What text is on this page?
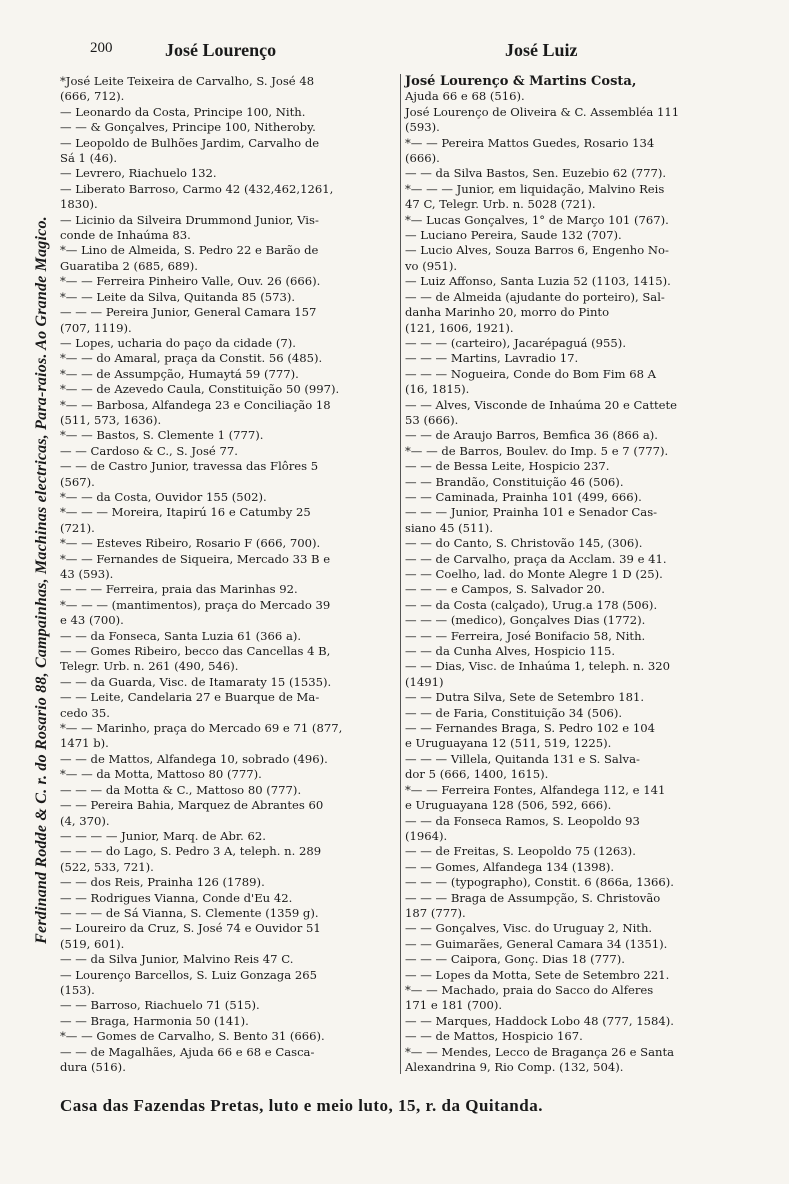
Ferdinand Rodde & C. r. do Rosario 88, Campainhas, Machinas electricas, Para-raios. Ao Grande Magico.
200	José Lourenço	José Luiz
*José Leite Teixeira de Carvalho, S. José 48
(666, 712).
— Leonardo da Costa, Principe 100, Nith.
— — & Gonçalves, Principe 100, Nitheroby.
— Leopoldo de Bulhões Jardim, Carvalho de
Sá 1 (46).
— Levrero, Riachuelo 132.
— Liberato Barroso, Carmo 42 (432,462,1261,
1830).
— Licinio da Silveira Drummond Junior, Vis-
conde de Inhaúma 83.
*— Lino de Almeida, S. Pedro 22 e Barão de
Guaratiba 2 (685, 689).
*— — Ferreira Pinheiro Valle, Ouv. 26 (666).
*— — Leite da Silva, Quitanda 85 (573).
— — — Pereira Junior, General Camara 157
(707, 1119).
— Lopes, ucharia do paço da cidade (7).
*— — do Amaral, praça da Constit. 56 (485).
*— — de Assumpção, Humaytá 59 (777).
*— — de Azevedo Caula, Constituição 50 (997).
*— — Barbosa, Alfandega 23 e Conciliação 18
(511, 573, 1636).
*— — Bastos, S. Clemente 1 (777).
— — Cardoso & C., S. José 77.
— — de Castro Junior, travessa das Flôres 5
(567).
*— — da Costa, Ouvidor 155 (502).
*— — — Moreira, Itapirú 16 e Catumby 25
(721).
*— — Esteves Ribeiro, Rosario F (666, 700).
*— — Fernandes de Siqueira, Mercado 33 B e
43 (593).
— — — Ferreira, praia das Marinhas 92.
*— — — (mantimentos), praça do Mercado 39
e 43 (700).
— — da Fonseca, Santa Luzia 61 (366 a).
— — Gomes Ribeiro, becco das Cancellas 4 B,
Telegr. Urb. n. 261 (490, 546).
— — da Guarda, Visc. de Itamaraty 15 (1535).
— — Leite, Candelaria 27 e Buarque de Ma-
cedo 35.
*— — Marinho, praça do Mercado 69 e 71 (877,
1471 b).
— — de Mattos, Alfandega 10, sobrado (496).
*— — da Motta, Mattoso 80 (777).
— — — da Motta & C., Mattoso 80 (777).
— — Pereira Bahia, Marquez de Abrantes 60
(4, 370).
— — — — Junior, Marq. de Abr. 62.
— — — do Lago, S. Pedro 3 A, teleph. n. 289
(522, 533, 721).
— — dos Reis, Prainha 126 (1789).
— — Rodrigues Vianna, Conde d'Eu 42.
— — — de Sá Vianna, S. Clemente (1359 g).
— Loureiro da Cruz, S. José 74 e Ouvidor 51
(519, 601).
— — da Silva Junior, Malvino Reis 47 C.
— Lourenço Barcellos, S. Luiz Gonzaga 265
(153).
— — Barroso, Riachuelo 71 (515).
— — Braga, Harmonia 50 (141).
*— — Gomes de Carvalho, S. Bento 31 (666).
— — de Magalhães, Ajuda 66 e 68 e Casca-
dura (516).
José Lourenço & Martins Costa,
Ajuda 66 e 68 (516).
José Lourenço de Oliveira & C. Assembléa 111
(593).
*— — Pereira Mattos Guedes, Rosario 134
(666).
— — da Silva Bastos, Sen. Euzebio 62 (777).
*— — — Junior, em liquidação, Malvino Reis
47 C, Telegr. Urb. n. 5028 (721).
*— Lucas Gonçalves, 1° de Março 101 (767).
— Luciano Pereira, Saude 132 (707).
— Lucio Alves, Souza Barros 6, Engenho No-
vo (951).
— Luiz Affonso, Santa Luzia 52 (1103, 1415).
— — de Almeida (ajudante do porteiro), Sal-
danha Marinho 20, morro do Pinto
(121, 1606, 1921).
— — — (carteiro), Jacarépaguá (955).
— — — Martins, Lavradio 17.
— — — Nogueira, Conde do Bom Fim 68 A
(16, 1815).
— — Alves, Visconde de Inhaúma 20 e Cattete
53 (666).
— — de Araujo Barros, Bemfica 36 (866 a).
*— — de Barros, Boulev. do Imp. 5 e 7 (777).
— — de Bessa Leite, Hospicio 237.
— — Brandão, Constituição 46 (506).
— — Caminada, Prainha 101 (499, 666).
— — — Junior, Prainha 101 e Senador Cas-
siano 45 (511).
— — do Canto, S. Christovão 145, (306).
— — de Carvalho, praça da Acclam. 39 e 41.
— — Coelho, lad. do Monte Alegre 1 D (25).
— — — e Campos, S. Salvador 20.
— — da Costa (calçado), Urug.a 178 (506).
— — — (medico), Gonçalves Dias (1772).
— — — Ferreira, José Bonifacio 58, Nith.
— — da Cunha Alves, Hospicio 115.
— — Dias, Visc. de Inhaúma 1, teleph. n. 320
(1491)
— — Dutra Silva, Sete de Setembro 181.
— — de Faria, Constituição 34 (506).
— — Fernandes Braga, S. Pedro 102 e 104
e Uruguayana 12 (511, 519, 1225).
— — — Villela, Quitanda 131 e S. Salva-
dor 5 (666, 1400, 1615).
*— — Ferreira Fontes, Alfandega 112, e 141
e Uruguayana 128 (506, 592, 666).
— — da Fonseca Ramos, S. Leopoldo 93
(1964).
— — de Freitas, S. Leopoldo 75 (1263).
— — Gomes, Alfandega 134 (1398).
— — — (typographo), Constit. 6 (866a, 1366).
— — — Braga de Assumpção, S. Christovão
187 (777).
— — Gonçalves, Visc. do Uruguay 2, Nith.
— — Guimarães, General Camara 34 (1351).
— — — Caipora, Gonç. Dias 18 (777).
— — Lopes da Motta, Sete de Setembro 221.
*— — Machado, praia do Sacco do Alferes
171 e 181 (700).
— — Marques, Haddock Lobo 48 (777, 1584).
— — de Mattos, Hospicio 167.
*— — Mendes, Lecco de Bragança 26 e Santa
Alexandrina 9, Rio Comp. (132, 504).
Casa das Fazendas Pretas, luto e meio luto, 15, r. da Quitanda.
